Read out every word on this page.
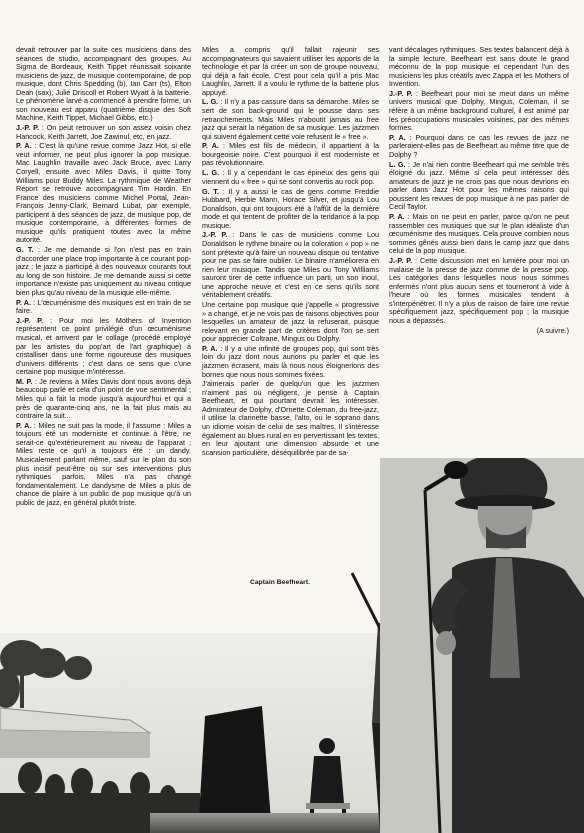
devait retrouver par la suite ces musiciens dans des séances de studio, accompagnant des groupes. Au Sigma de Bordeaux, Keith Tippet réunissait soixante musiciens de jazz, de musique contemporaine, de pop musique, dont Chris Spedding (b), Ian Carr (ts), Elton Dean (sax), Julie Driscoll et Robert Wyatt à la batterie. Le phénomène larvé a commencé à prendre forme, un son nouveau est apparu (quatrième disque des Soft Machine, Keith Tippet, Michael Gibbs, etc.)

J.-P. P. : On peut retrouver un son assez voisin chez Hancock, Keith Jarrett, Joe Zawinul, etc, en jazz.

P. A. : C'est là qu'une revue comme Jazz Hot, si elle veut informer, ne peut plus ignorer la pop musique. Mac Laughlin travaille avec Jack Bruce, avec Larry Coryell, ensuite avec Miles Davis, il quitte Tony Williams pour Buddy Miles. La rythmique de Weather Report se retrouve accompagnant Tim Hardin. En France des musiciens comme Michel Portal, Jean-François Jenny-Clark, Bernard Lubat, par exemple, participent à des séances de jazz, de musique pop, de musique contemporaine, à différentes formes de musique qu'ils pratiquent toutes avec la même autorité.

G. T. : Je me demande si l'on n'est pas en train d'accorder une place trop importante à ce courant pop-jazz : le jazz a participé à des nouveaux courants tout au long de son histoire. Je me demande aussi si cette importance n'existe pas uniquement au niveau critique bien plus qu'au niveau de la musique elle-même.

P. A. : L'œcuménisme des musiques est en train de se faire.

J.-P. P. : Pour moi les Mothers of Invention représentent ce point privilégié d'un œcuménisme musical, et arrivent par le collage (procédé employé par les artistes du pop'art de l'art graphique) à cristalliser dans une forme rigoureuse des musiques d'univers différents ; c'est dans ce sens que c'une certaine pop musique m'intéresse.

M. P. : Je reviens à Miles Davis dont nous avons déjà beaucoup parlé et cela d'un point de vue sentimental ; Miles qui a fait la mode jusqu'à aujourd'hui et qui a près de quarante-cinq ans, ne la fait plus mais au contraire la suit...

P. A. : Miles ne suit pas la mode, il l'assume : Miles a toujours été un moderniste et continue à l'être, ne serait-ce qu'extérieurement au niveau de l'apparat ; Miles reste ce qu'il a toujours été : un dandy. Musicalement parlant même, sauf sur le plan du son plus incisif peut-être ou sur ses interventions plus rythmiques parfois, Miles n'a pas changé fondamentalement. Le dandysme de Miles a plus de chance de plaire à un public de pop musique qu'à un public de jazz, en général plutôt triste.

Miles a compris qu'il fallait rajeunir ses accompagnateurs qui savaient utiliser les apports de la technologie et par là créer un son de groupe nouveau, qui déjà a fait école. C'est pour cela qu'il a pris Mac Laughlin, Jarrett. Il a voulu le rythme de la batterie plus appuyé.

L. G. : Il n'y a pas cassure dans sa démarche. Miles se sert de son back-ground qui le pousse dans ses retranchements. Mais Miles n'aboutit jamais au free jazz qui serait la négation de sa musique. Les jazzmen qui suivent également cette voie refusent le « free ».

P. A. : Miles est fils de médecin, il appartient à la bourgeoisie noire. C'est pourquoi il est moderniste et pas révolutionnaire.

L. G. : Il y a cependant le cas épineux des gens qui viennent du « free » qui se sont convertis au rock pop.

G. T. : Il y a aussi le cas de gens comme Freddie Hubbard, Herbie Mann, Horace Silver, et jusqu'à Lou Donaldson, qui ont toujours été à l'affût de la dernière mode et qui tentent de profiter de la tendance à la pop musique.

J.-P. P. : Dans le cas de musiciens comme Lou Donaldson le rythme binaire ou la coloration « pop » ne sont prétexte qu'à faire un nouveau disque ou tentative pour ne pas se faire oublier. Le binaire n'améliorera en rien leur musique. Tandis que Miles ou Tony Williams sauront tirer de cette influence un parti, un son inouï, une approche neuve et c'est en ce sens qu'ils sont véritablement créatifs.

Une certaine pop musique que j'appelle « progressive » a changé, et je ne vois pas de raisons objectives pour lesquelles un amateur de jazz la refuserait, puisque relevant en grande part de critères dont l'on se sert pour apprécier Coltrane, Mingus ou Dolphy.

P. A. : Il y a une infinité de groupes pop, qui sont très loin du jazz dont nous aurions pu parler et que les jazzmen écrasent, mais là nous nous éloignerions des bornes que nous nous sommes fixées.

J'aimerais parler de quelqu'un que les jazzmen n'aiment pas ou négligent, je pense à Captain Beefheart, et qui pourtant devrait les intéresser. Admirateur de Dolphy, d'Ornette Coleman, du free-jazz, il utilise la clarinette basse, l'alto, ou le soprano dans un idiome voisin de celui de ses maîtres. Il s'intéresse également au blues rural en en pervertissant les textes, en leur ajoutant une dimension absurde et une scansion particulière, déséquilibrée par de sa-

vant décalages rythmiques. Ses textes balancent déjà à la simple lecture. Beefheart est sans doute le grand méconnu de la pop musique et cependant l'un des musiciens les plus créatifs avec Zappa et les Mothers of Invention.

J.-P. P. : Beefheart pour moi se meut dans un même univers musical que Dolphy, Mingus, Coleman, il se réfère à un même background culturel, il est animé par les préoccupations musicales voisines, par des mêmes formes.

P. A. : Pourquoi dans ce cas les revues de jazz ne parleraient-elles pas de Beefheart au même titre que de Dolphy ?

L. G. : Je n'ai rien contre Beefheart qui me semble très éloigné du jazz. Même si cela peut intéresser des amateurs de jazz je ne crois pas que nous devrions en parler dans Jazz Hot pour les mêmes raisons qui poussent les revues de pop musique à ne pas parler de Cecil Taylor.

P. A. : Mais on ne peut en parler, parce qu'on ne peut rassembler ces musiques que sur le plan idéaliste d'un œcuménisme des musiques. Cela prouve combien nous sommes gênés aussi bien dans le camp jazz que dans celui de la pop musique.

J.-P. P. : Cette discussion met en lumière pour moi un malaise de la presse de jazz comme de la presse pop. Les catégories dans lesquelles nous nous sommes enfermés n'ont plus aucun sens et tourneront à vide à l'heure où les formes musicales tendent à s'interpénétrer. Il n'y a plus de raison de faire une revue spécifiquement jazz, spécifiquement pop ; la musique nous a dépassés.

(A suivre.)

Captain Beefheart.
